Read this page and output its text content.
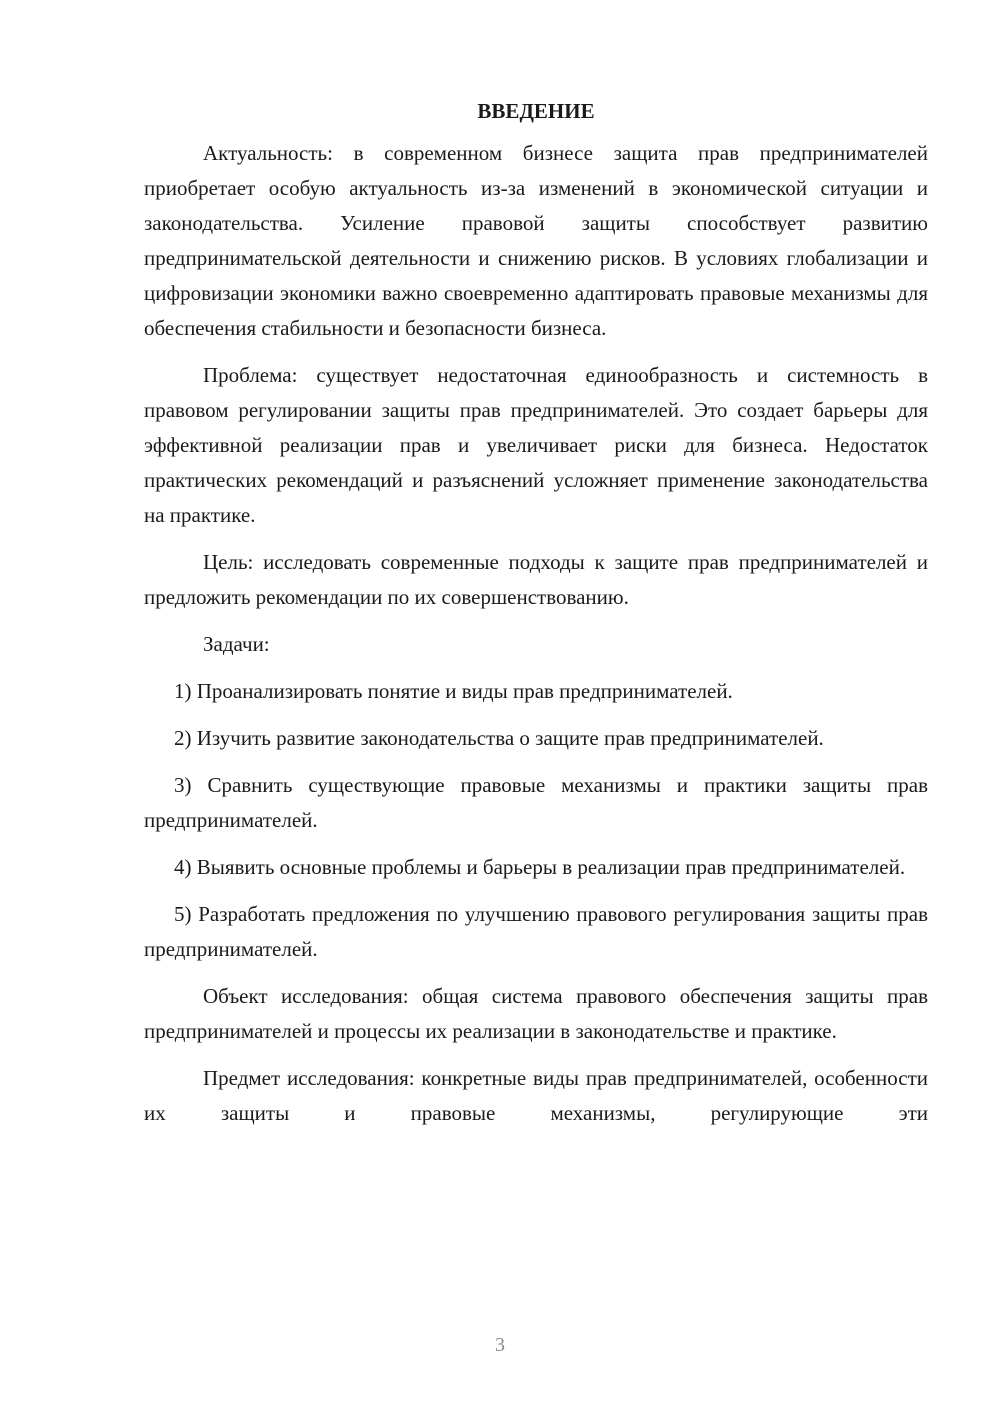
ВВЕДЕНИЕ

Актуальность: в современном бизнесе защита прав предпринимателей приобретает особую актуальность из-за изменений в экономической ситуации и законодательства. Усиление правовой защиты способствует развитию предпринимательской деятельности и снижению рисков. В условиях глобализации и цифровизации экономики важно своевременно адаптировать правовые механизмы для обеспечения стабильности и безопасности бизнеса.

Проблема: существует недостаточная единообразность и системность в правовом регулировании защиты прав предпринимателей. Это создает барьеры для эффективной реализации прав и увеличивает риски для бизнеса. Недостаток практических рекомендаций и разъяснений усложняет применение законодательства на практике.

Цель: исследовать современные подходы к защите прав предпринимателей и предложить рекомендации по их совершенствованию.

Задачи:

1) Проанализировать понятие и виды прав предпринимателей.

2) Изучить развитие законодательства о защите прав предпринимателей.

3) Сравнить существующие правовые механизмы и практики защиты прав предпринимателей.

4) Выявить основные проблемы и барьеры в реализации прав предпринимателей.

5) Разработать предложения по улучшению правового регулирования защиты прав предпринимателей.

Объект исследования: общая система правового обеспечения защиты прав предпринимателей и процессы их реализации в законодательстве и практике.

Предмет исследования: конкретные виды прав предпринимателей, особенности их защиты и правовые механизмы, регулирующие эти

3
